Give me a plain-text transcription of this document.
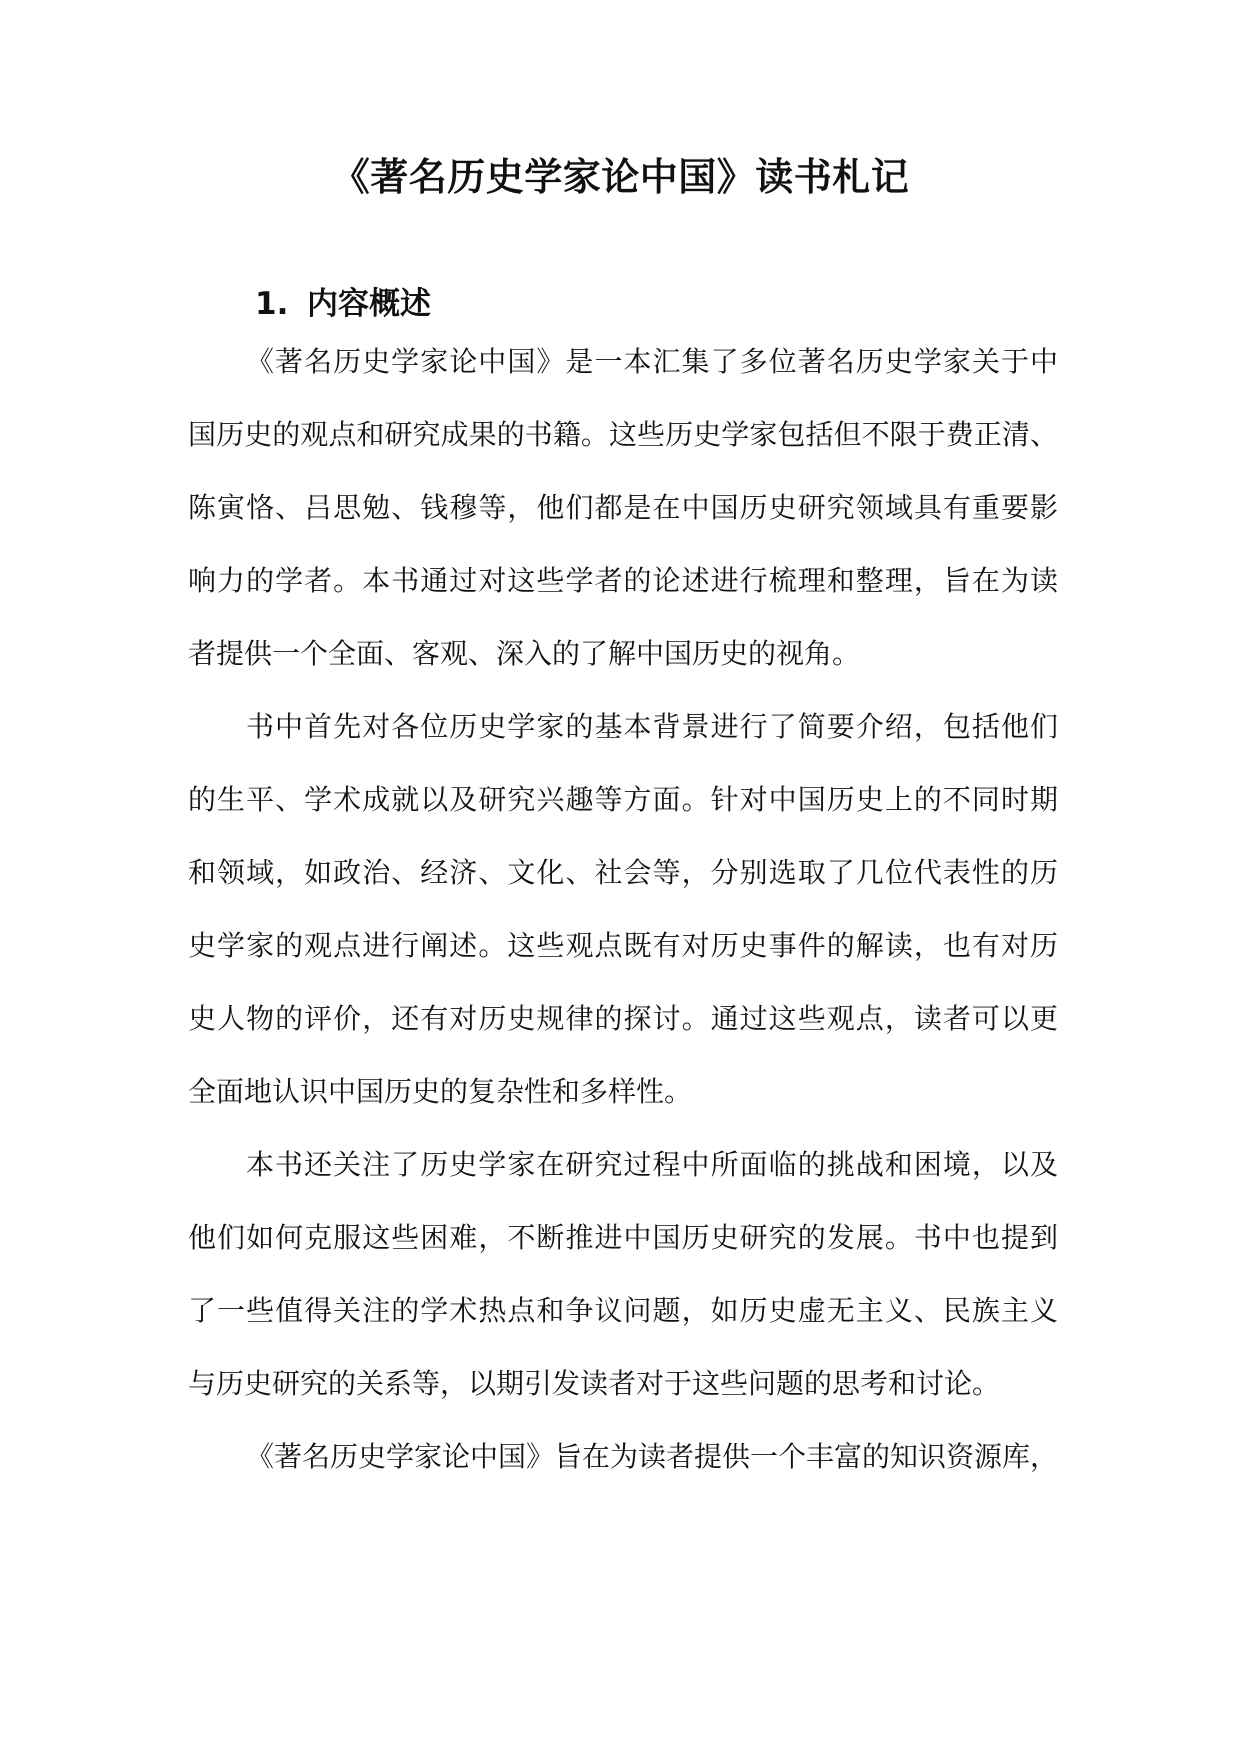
《著名历史学家论中国》读书札记
1. 内容概述
《著名历史学家论中国》是一本汇集了多位著名历史学家关于中
国历史的观点和研究成果的书籍。这些历史学家包括但不限于费正清、
陈寅恪、吕思勉、钱穆等，他们都是在中国历史研究领域具有重要影
响力的学者。本书通过对这些学者的论述进行梳理和整理，旨在为读
者提供一个全面、客观、深入的了解中国历史的视角。
书中首先对各位历史学家的基本背景进行了简要介绍，包括他们
的生平、学术成就以及研究兴趣等方面。针对中国历史上的不同时期
和领域，如政治、经济、文化、社会等，分别选取了几位代表性的历
史学家的观点进行阐述。这些观点既有对历史事件的解读，也有对历
史人物的评价，还有对历史规律的探讨。通过这些观点，读者可以更
全面地认识中国历史的复杂性和多样性。
本书还关注了历史学家在研究过程中所面临的挑战和困境，以及
他们如何克服这些困难，不断推进中国历史研究的发展。书中也提到
了一些值得关注的学术热点和争议问题，如历史虚无主义、民族主义
与历史研究的关系等，以期引发读者对于这些问题的思考和讨论。
《著名历史学家论中国》旨在为读者提供一个丰富的知识资源库，
